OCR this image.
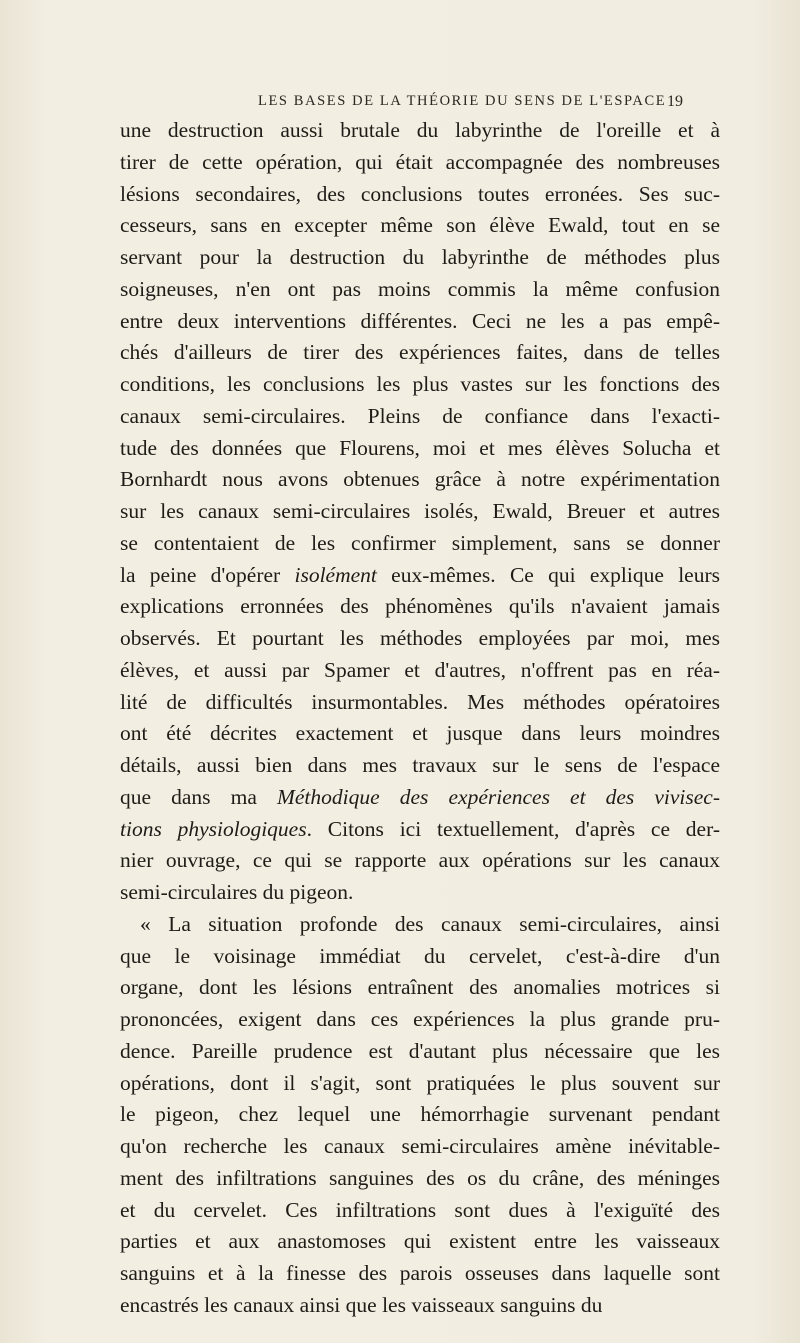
LES BASES DE LA THÉORIE DU SENS DE L'ESPACE 19
une destruction aussi brutale du labyrinthe de l'oreille et à
tirer de cette opération, qui était accompagnée des nombreuses
lésions secondaires, des conclusions toutes erronées. Ses suc-
cesseurs, sans en excepter même son élève Ewald, tout en se
servant pour la destruction du labyrinthe de méthodes plus
soigneuses, n'en ont pas moins commis la même confusion
entre deux interventions différentes. Ceci ne les a pas empê-
chés d'ailleurs de tirer des expériences faites, dans de telles
conditions, les conclusions les plus vastes sur les fonctions des
canaux semi-circulaires. Pleins de confiance dans l'exacti-
tude des données que Flourens, moi et mes élèves Solucha et
Bornhardt nous avons obtenues grâce à notre expérimentation
sur les canaux semi-circulaires isolés, Ewald, Breuer et autres
se contentaient de les confirmer simplement, sans se donner
la peine d'opérer isolément eux-mêmes. Ce qui explique leurs
explications erronnées des phénomènes qu'ils n'avaient jamais
observés. Et pourtant les méthodes employées par moi, mes
élèves, et aussi par Spamer et d'autres, n'offrent pas en réa-
lité de difficultés insurmontables. Mes méthodes opératoires
ont été décrites exactement et jusque dans leurs moindres
détails, aussi bien dans mes travaux sur le sens de l'espace
que dans ma Méthodique des expériences et des vivisec-
tions physiologiques. Citons ici textuellement, d'après ce der-
nier ouvrage, ce qui se rapporte aux opérations sur les canaux
semi-circulaires du pigeon.
« La situation profonde des canaux semi-circulaires, ainsi
que le voisinage immédiat du cervelet, c'est-à-dire d'un
organe, dont les lésions entraînent des anomalies motrices si
prononcées, exigent dans ces expériences la plus grande pru-
dence. Pareille prudence est d'autant plus nécessaire que les
opérations, dont il s'agit, sont pratiquées le plus souvent sur
le pigeon, chez lequel une hémorrhagie survenant pendant
qu'on recherche les canaux semi-circulaires amène inévitable-
ment des infiltrations sanguines des os du crâne, des méninges
et du cervelet. Ces infiltrations sont dues à l'exiguïté des
parties et aux anastomoses qui existent entre les vaisseaux
sanguins et à la finesse des parois osseuses dans laquelle sont
encastrés les canaux ainsi que les vaisseaux sanguins du
